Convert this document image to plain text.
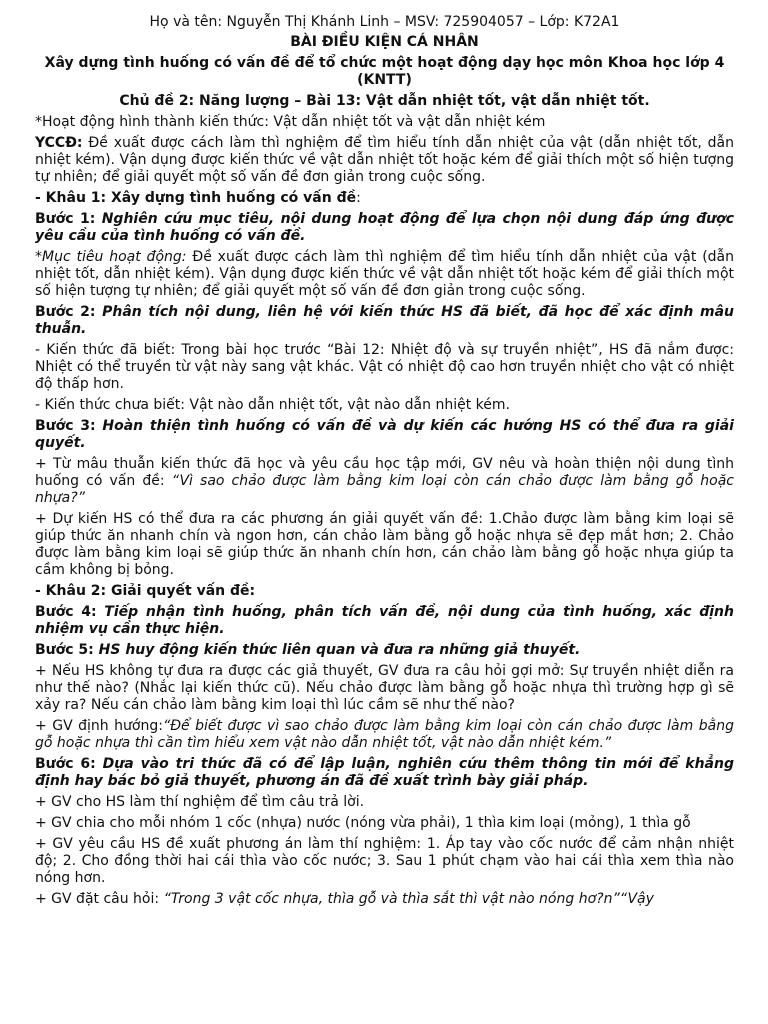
Họ và tên: Nguyễn Thị Khánh Linh – MSV: 725904057 – Lớp: K72A1

BÀI ĐIỀU KIỆN CÁ NHÂN

Xây dựng tình huống có vấn đề để tổ chức một hoạt động dạy học môn Khoa học lớp 4 (KNTT)

Chủ đề 2: Năng lượng – Bài 13: Vật dẫn nhiệt tốt, vật dẫn nhiệt tốt.

*Hoạt động hình thành kiến thức: Vật dẫn nhiệt tốt và vật dẫn nhiệt kém

YCCĐ: Đề xuất được cách làm thì nghiệm để tìm hiểu tính dẫn nhiệt của vật (dẫn nhiệt tốt, dẫn nhiệt kém). Vận dụng được kiến thức về vật dẫn nhiệt tốt hoặc kém để giải thích một số hiện tượng tự nhiên; để giải quyết một số vấn đề đơn giản trong cuộc sống.

- Khâu 1: Xây dựng tình huống có vấn đề:

Bước 1: Nghiên cứu mục tiêu, nội dung hoạt động để lựa chọn nội dung đáp ứng được yêu cầu của tình huống có vấn đề.

*Mục tiêu hoạt động: Đề xuất được cách làm thì nghiệm để tìm hiểu tính dẫn nhiệt của vật (dẫn nhiệt tốt, dẫn nhiệt kém). Vận dụng được kiến thức về vật dẫn nhiệt tốt hoặc kém để giải thích một số hiện tượng tự nhiên; để giải quyết một số vấn đề đơn giản trong cuộc sống.

Bước 2: Phân tích nội dung, liên hệ với kiến thức HS đã biết, đã học để xác định mâu thuẫn.

- Kiến thức đã biết: Trong bài học trước “Bài 12: Nhiệt độ và sự truyền nhiệt”, HS đã nắm được: Nhiệt có thể truyền từ vật này sang vật khác. Vật có nhiệt độ cao hơn truyền nhiệt cho vật có nhiệt độ thấp hơn.

- Kiến thức chưa biết: Vật nào dẫn nhiệt tốt, vật nào dẫn nhiệt kém.

Bước 3: Hoàn thiện tình huống có vấn đề và dự kiến các hướng HS có thể đưa ra giải quyết.

+ Từ mâu thuẫn kiến thức đã học và yêu cầu học tập mới, GV nêu và hoàn thiện nội dung tình huống có vấn đề: “Vì sao chảo được làm bằng kim loại còn cán chảo được làm bằng gỗ hoặc nhựa?”

+ Dự kiến HS có thể đưa ra các phương án giải quyết vấn đề: 1.Chảo được làm bằng kim loại sẽ giúp thức ăn nhanh chín và ngon hơn, cán chảo làm bằng gỗ hoặc nhựa sẽ đẹp mắt hơn; 2. Chảo được làm bằng kim loại sẽ giúp thức ăn nhanh chín hơn, cán chảo làm bằng gỗ hoặc nhựa giúp ta cầm không bị bỏng.

- Khâu 2: Giải quyết vấn đề:

Bước 4: Tiếp nhận tình huống, phân tích vấn đề, nội dung của tình huống, xác định nhiệm vụ cần thực hiện.

Bước 5: HS huy động kiến thức liên quan và đưa ra những giả thuyết.

+ Nếu HS không tự đưa ra được các giả thuyết, GV đưa ra câu hỏi gợi mở: Sự truyền nhiệt diễn ra như thế nào? (Nhắc lại kiến thức cũ). Nếu chảo được làm bằng gỗ hoặc nhựa thì trường hợp gì sẽ xảy ra? Nếu cán chảo làm bằng kim loại thì lúc cầm sẽ như thế nào?

+ GV định hướng:“Để biết được vì sao chảo được làm bằng kim loại còn cán chảo được làm bằng gỗ hoặc nhựa thì cần tìm hiểu xem vật nào dẫn nhiệt tốt, vật nào dẫn nhiệt kém.”

Bước 6: Dựa vào tri thức đã có để lập luận, nghiên cứu thêm thông tin mới để khẳng định hay bác bỏ giả thuyết, phương án đã đề xuất trình bày giải pháp.

+ GV cho HS làm thí nghiệm để tìm câu trả lời.

+ GV chia cho mỗi nhóm 1 cốc (nhựa) nước (nóng vừa phải), 1 thìa kim loại (mỏng), 1 thìa gỗ

+ GV yêu cầu HS đề xuất phương án làm thí nghiệm: 1. Áp tay vào cốc nước để cảm nhận nhiệt độ; 2. Cho đồng thời hai cái thìa vào cốc nước; 3. Sau 1 phút chạm vào hai cái thìa xem thìa nào nóng hơn.

+ GV đặt câu hỏi: “Trong 3 vật cốc nhựa, thìa gỗ và thìa sắt thì vật nào nóng hơ?n”“Vậy
